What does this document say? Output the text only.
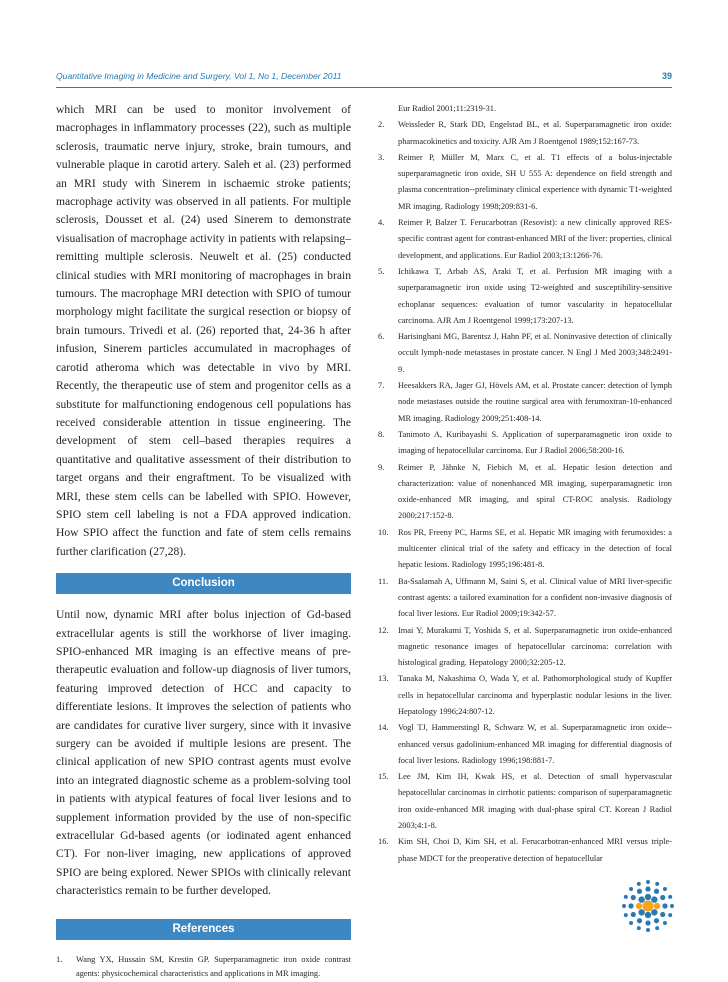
Quantitative Imaging in Medicine and Surgery, Vol 1, No 1, December 2011	39

which MRI can be used to monitor involvement of macrophages in inflammatory processes (22), such as multiple sclerosis, traumatic nerve injury, stroke, brain tumours, and vulnerable plaque in carotid artery. Saleh et al. (23) performed an MRI study with Sinerem in ischaemic stroke patients; macrophage activity was observed in all patients. For multiple sclerosis, Dousset et al. (24) used Sinerem to demonstrate visualisation of macrophage activity in patients with relapsing–remitting multiple sclerosis. Neuwelt et al. (25) conducted clinical studies with MRI monitoring of macrophages in brain tumours. The macrophage MRI detection with SPIO of tumour morphology might facilitate the surgical resection or biopsy of brain tumours. Trivedi et al. (26) reported that, 24-36 h after infusion, Sinerem particles accumulated in macrophages of carotid atheroma which was detectable in vivo by MRI. Recently, the therapeutic use of stem and progenitor cells as a substitute for malfunctioning endogenous cell populations has received considerable attention in tissue engineering. The development of stem cell–based therapies requires a quantitative and qualitative assessment of their distribution to target organs and their engraftment. To be visualized with MRI, these stem cells can be labelled with SPIO. However, SPIO stem cell labeling is not a FDA approved indication. How SPIO affect the function and fate of stem cells remains further clarification (27,28).

Conclusion

Until now, dynamic MRI after bolus injection of Gd-based extracellular agents is still the workhorse of liver imaging. SPIO-enhanced MR imaging is an effective means of pre-therapeutic evaluation and follow-up diagnosis of liver tumors, featuring improved detection of HCC and capacity to differentiate lesions. It improves the selection of patients who are candidates for curative liver surgery, since with it invasive surgery can be avoided if multiple lesions are present. The clinical application of new SPIO contrast agents must evolve into an integrated diagnostic scheme as a problem-solving tool in patients with atypical features of focal liver lesions and to supplement information provided by the use of non-specific extracellular Gd-based agents (or iodinated agent enhanced CT). For non-liver imaging, new applications of approved SPIO are being explored. Newer SPIOs with clinically relevant characteristics remain to be further developed.

References
1.	Wang YX, Hussain SM, Krestin GP. Superparamagnetic iron oxide contrast agents: physicochemical characteristics and applications in MR imaging.
Eur Radiol 2001;11:2319-31.
2.	Weissleder R, Stark DD, Engelstad BL, et al. Superparamagnetic iron oxide: pharmacokinetics and toxicity. AJR Am J Roentgenol 1989;152:167-73.
3.	Reimer P, Müller M, Marx C, et al. T1 effects of a bolus-injectable superparamagnetic iron oxide, SH U 555 A: dependence on field strength and plasma concentration--preliminary clinical experience with dynamic T1-weighted MR imaging. Radiology 1998;209:831-6.
4.	Reimer P, Balzer T. Ferucarbotran (Resovist): a new clinically approved RES-specific contrast agent for contrast-enhanced MRI of the liver: properties, clinical development, and applications. Eur Radiol 2003;13:1266-76.
5.	Ichikawa T, Arbab AS, Araki T, et al. Perfusion MR imaging with a superparamagnetic iron oxide using T2-weighted and susceptibility-sensitive echoplanar sequences: evaluation of tumor vascularity in hepatocellular carcinoma. AJR Am J Roentgenol 1999;173:207-13.
6.	Harisinghani MG, Barentsz J, Hahn PF, et al. Noninvasive detection of clinically occult lymph-node metastases in prostate cancer. N Engl J Med 2003;348:2491-9.
7.	Heesakkers RA, Jager GJ, Hövels AM, et al. Prostate cancer: detection of lymph node metastases outside the routine surgical area with ferumoxtran-10-enhanced MR imaging. Radiology 2009;251:408-14.
8.	Tanimoto A, Kuribayashi S. Application of superparamagnetic iron oxide to imaging of hepatocellular carcinoma. Eur J Radiol 2006;58:200-16.
9.	Reimer P, Jähnke N, Fiebich M, et al. Hepatic lesion detection and characterization: value of nonenhanced MR imaging, superparamagnetic iron oxide-enhanced MR imaging, and spiral CT-ROC analysis. Radiology 2000;217:152-8.
10.	Ros PR, Freeny PC, Harms SE, et al. Hepatic MR imaging with ferumoxides: a multicenter clinical trial of the safety and efficacy in the detection of focal hepatic lesions. Radiology 1995;196:481-8.
11.	Ba-Ssalamah A, Uffmann M, Saini S, et al. Clinical value of MRI liver-specific contrast agents: a tailored examination for a confident non-invasive diagnosis of focal liver lesions. Eur Radiol 2009;19:342-57.
12.	Imai Y, Murakami T, Yoshida S, et al. Superparamagnetic iron oxide-enhanced magnetic resonance images of hepatocellular carcinoma: correlation with histological grading. Hepatology 2000;32:205-12.
13.	Tanaka M, Nakashima O, Wada Y, et al. Pathomorphological study of Kupffer cells in hepatocellular carcinoma and hyperplastic nodular lesions in the liver. Hepatology 1996;24:807-12.
14.	Vogl TJ, Hammerstingl R, Schwarz W, et al. Superparamagnetic iron oxide--enhanced versus gadolinium-enhanced MR imaging for differential diagnosis of focal liver lesions. Radiology 1996;198:881-7.
15.	Lee JM, Kim IH, Kwak HS, et al. Detection of small hypervascular hepatocellular carcinomas in cirrhotic patients: comparison of superparamagnetic iron oxide-enhanced MR imaging with dual-phase spiral CT. Korean J Radiol 2003;4:1-8.
16.	Kim SH, Choi D, Kim SH, et al. Ferucarbotran-enhanced MRI versus triple-phase MDCT for the preoperative detection of hepatocellular
